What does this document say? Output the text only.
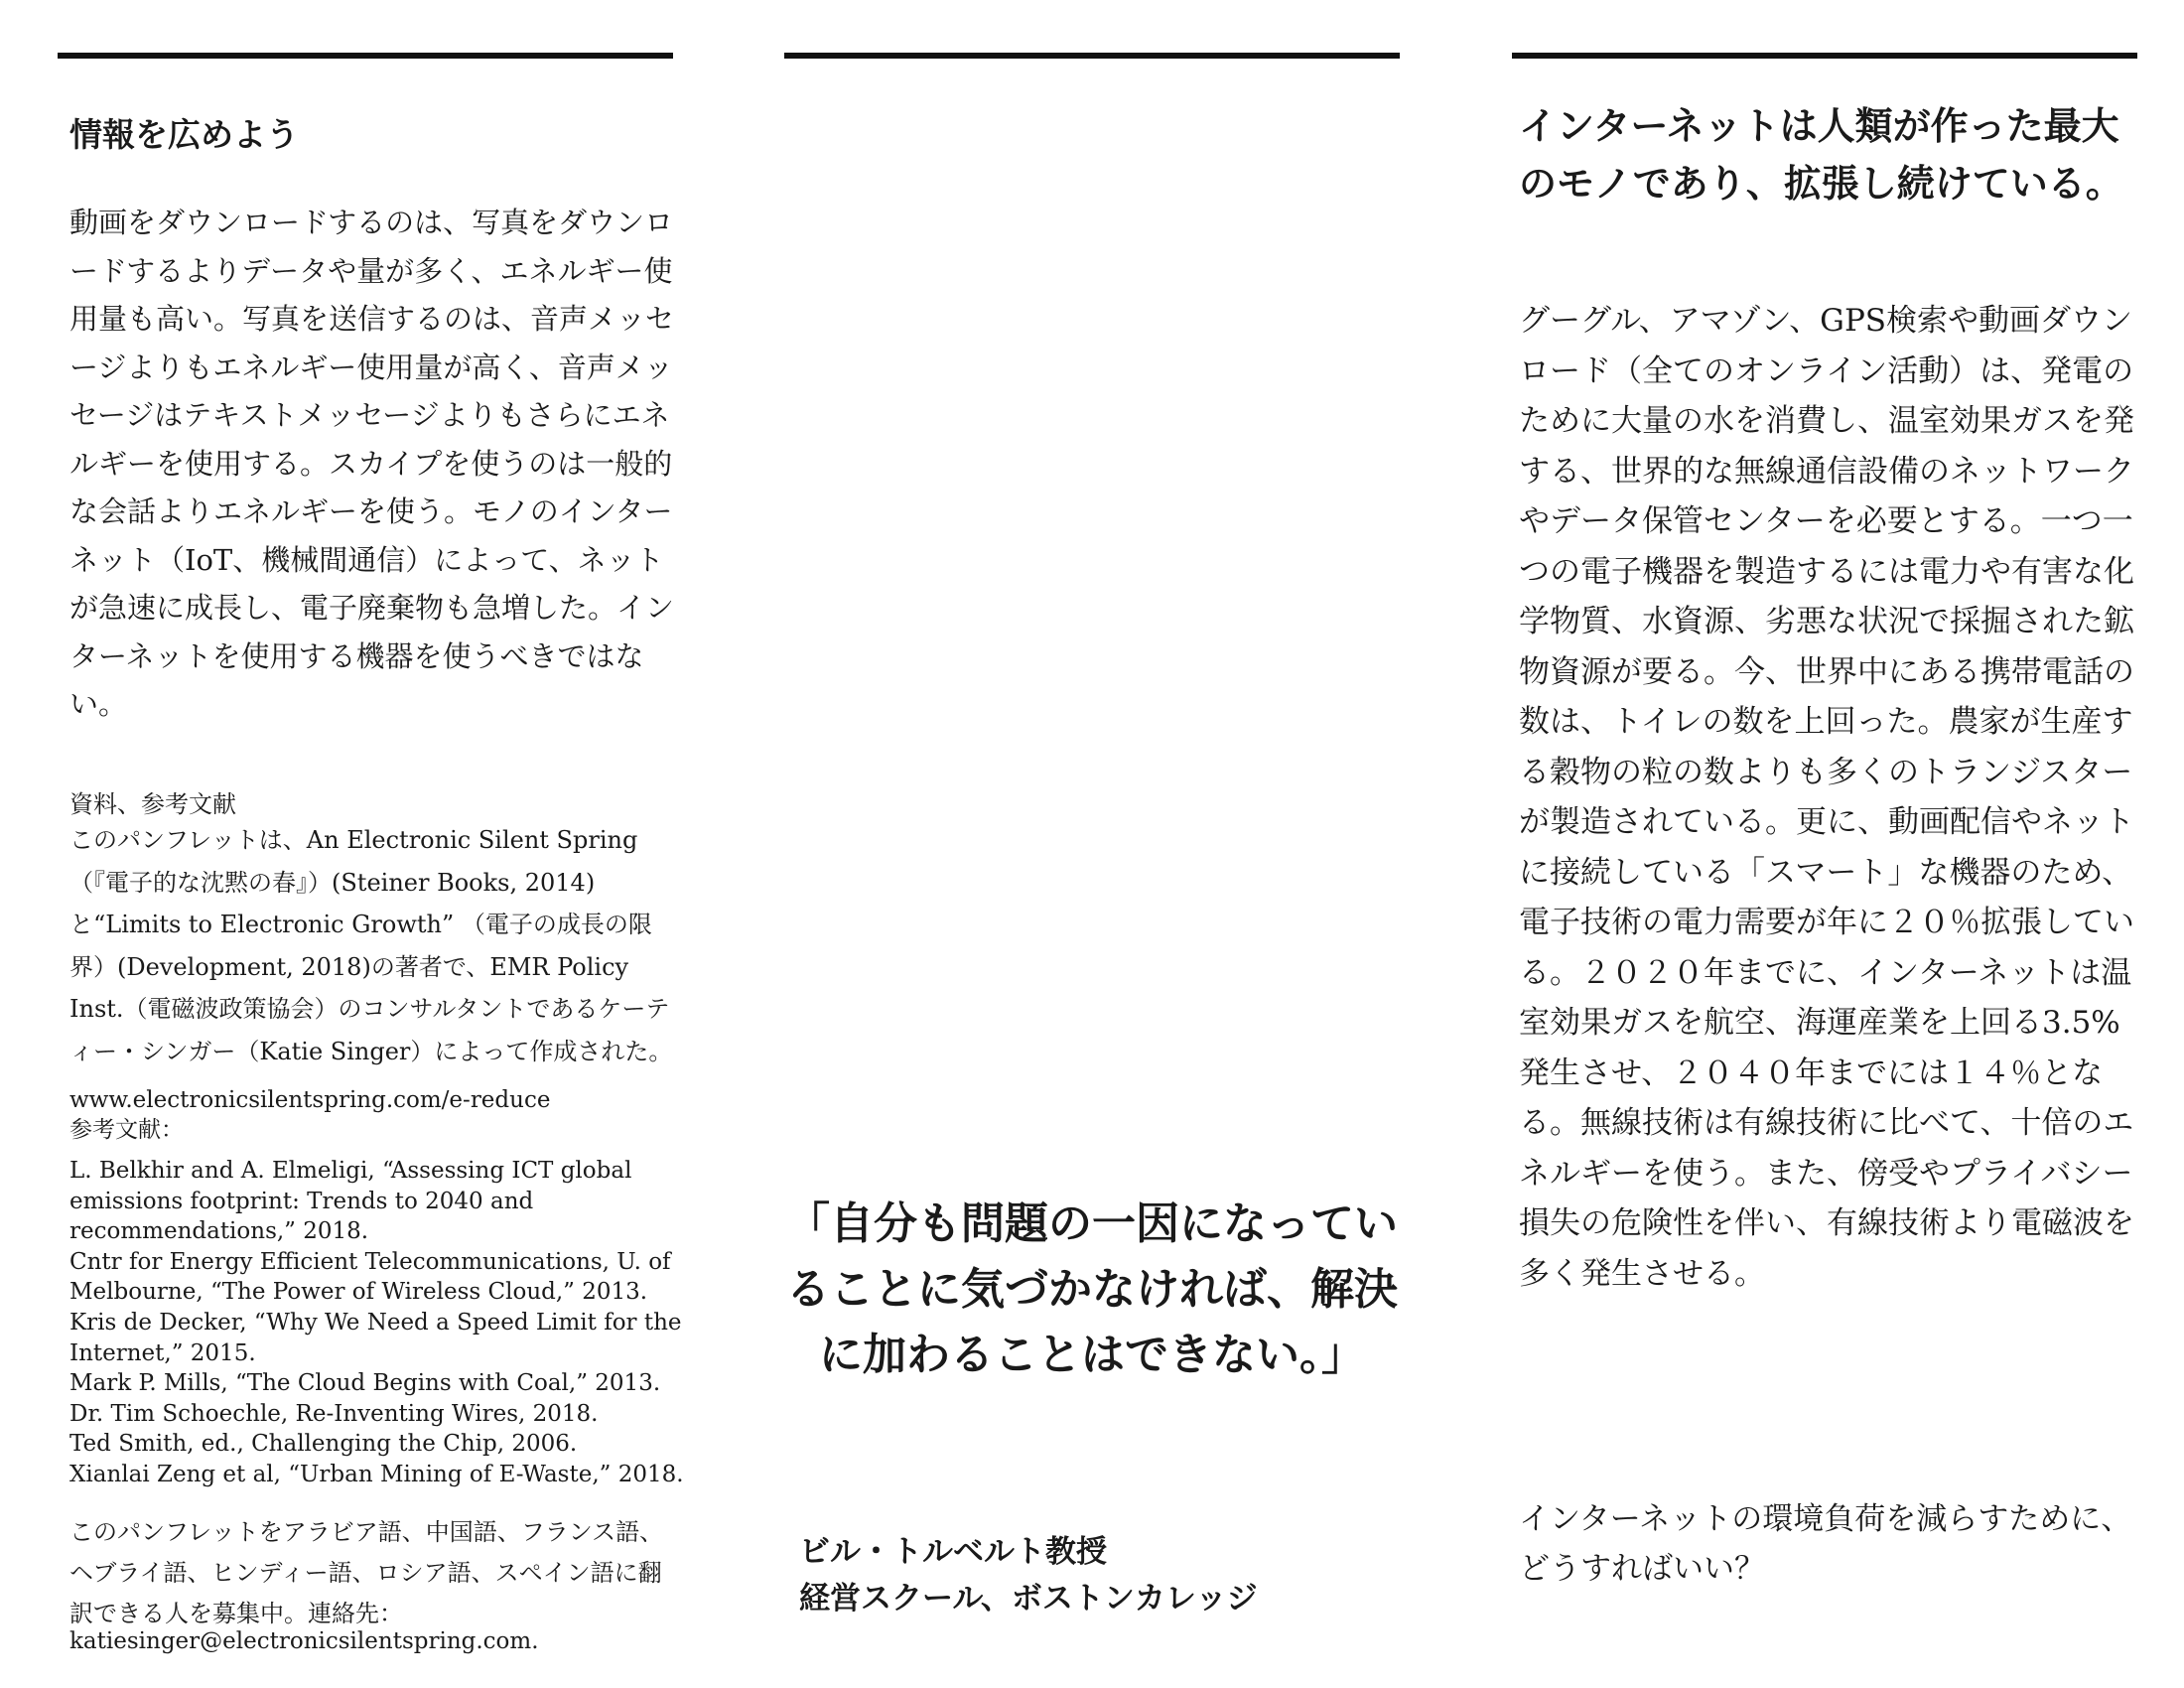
情報を広めよう

動画をダウンロードするのは、写真をダウンロードするよりデータや量が多く、エネルギー使用量も高い。写真を送信するのは、音声メッセージよりもエネルギー使用量が高く、音声メッセージはテキストメッセージよりもさらにエネルギーを使用する。スカイプを使うのは一般的な会話よりエネルギーを使う。モノのインターネット（IoT、機械間通信）によって、ネットが急速に成長し、電子廃棄物も急増した。インターネットを使用する機器を使うべきではない。

資料、参考文献

このパンフレットは、An Electronic Silent Spring（『電子的な沈黙の春』）(Steiner Books, 2014)と“Limits to Electronic Growth” （電子の成長の限界）(Development, 2018)の著者で、EMR Policy Inst.（電磁波政策協会）のコンサルタントであるケーティー・シンガー（Katie Singer）によって作成された。

www.electronicsilentspring.com/e-reduce

参考文献：

L. Belkhir and A. Elmeligi, “Assessing ICT global emissions footprint: Trends to 2040 and recommendations,” 2018.
Cntr for Energy Efficient Telecommunications, U. of Melbourne, “The Power of Wireless Cloud,” 2013.
Kris de Decker, “Why We Need a Speed Limit for the Internet,” 2015.
Mark P. Mills, “The Cloud Begins with Coal,” 2013.
Dr. Tim Schoechle, Re-Inventing Wires, 2018.
Ted Smith, ed., Challenging the Chip, 2006.
Xianlai Zeng et al, “Urban Mining of E-Waste,” 2018.

このパンフレットをアラビア語、中国語、フランス語、ヘブライ語、ヒンディー語、ロシア語、スペイン語に翻訳できる人を募集中。連絡先：

katiesinger@electronicsilentspring.com.

「自分も問題の一因になっていることに気づかなければ、解決に加わることはできない。」

ビル・トルベルト教授
経営スクール、ボストンカレッジ
インターネットは人類が作った最大のモノであり、拡張し続けている。

グーグル、アマゾン、GPS検索や動画ダウンロード（全てのオンライン活動）は、発電のために大量の水を消費し、温室効果ガスを発する、世界的な無線通信設備のネットワークやデータ保管センターを必要とする。一つ一つの電子機器を製造するには電力や有害な化学物質、水資源、劣悪な状況で採掘された鉱物資源が要る。今、世界中にある携帯電話の数は、トイレの数を上回った。農家が生産する穀物の粒の数よりも多くのトランジスターが製造されている。更に、動画配信やネットに接続している「スマート」な機器のため、電子技術の電力需要が年に２０％拡張している。２０２０年までに、インターネットは温室効果ガスを航空、海運産業を上回る3.5%発生させ、２０４０年までには１４％となる。無線技術は有線技術に比べて、十倍のエネルギーを使う。また、傍受やプライバシー損失の危険性を伴い、有線技術より電磁波を多く発生させる。

インターネットの環境負荷を減らすために、どうすればいい？
